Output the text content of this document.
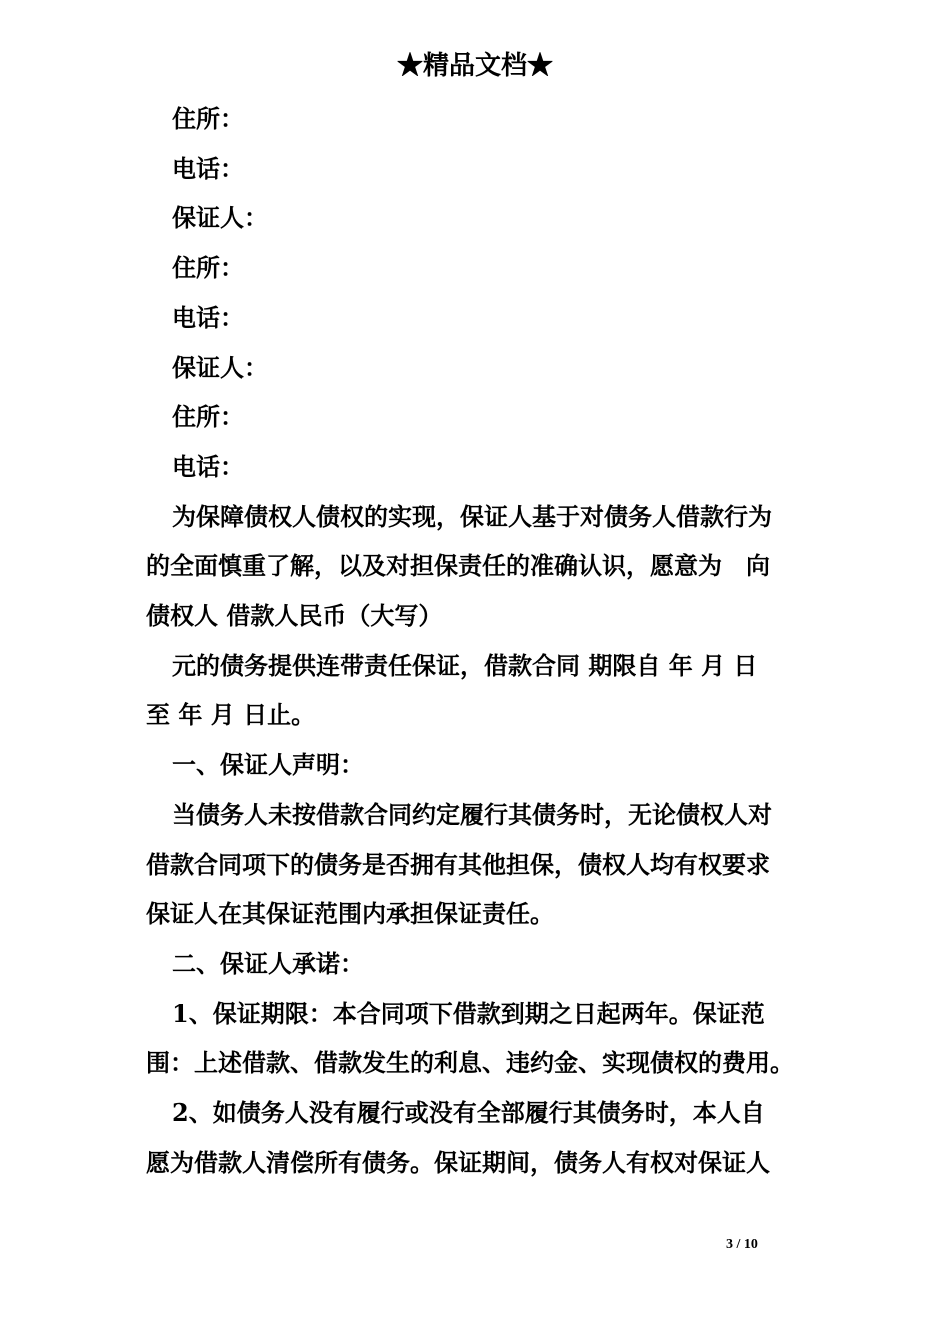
★精品文档★
住所：
电话：
保证人：
住所：
电话：
保证人：
住所：
电话：
为保障债权人债权的实现，保证人基于对债务人借款行为
的全面慎重了解，以及对担保责任的准确认识，愿意为　向
债权人 借款人民币（大写）
元的债务提供连带责任保证，借款合同 期限自 年 月 日
至 年 月 日止。
一、保证人声明：
当债务人未按借款合同约定履行其债务时，无论债权人对
借款合同项下的债务是否拥有其他担保，债权人均有权要求
保证人在其保证范围内承担保证责任。
二、保证人承诺：
1、保证期限：本合同项下借款到期之日起两年。保证范
围：上述借款、借款发生的利息、违约金、实现债权的费用。
2、如债务人没有履行或没有全部履行其债务时，本人自
愿为借款人清偿所有债务。保证期间，债务人有权对保证人
3 / 10
